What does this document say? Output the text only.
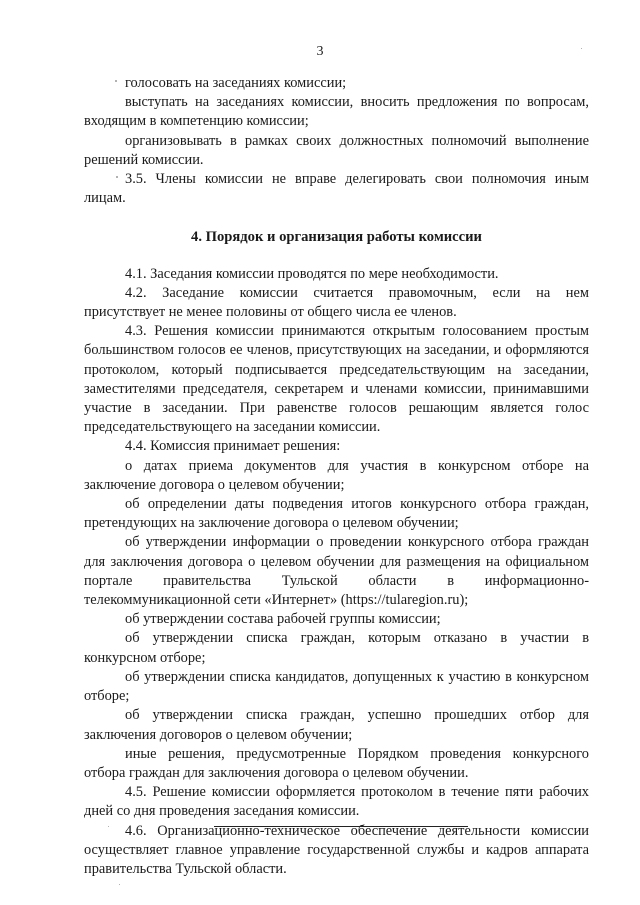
3

голосовать на заседаниях комиссии;

выступать на заседаниях комиссии, вносить предложения по вопросам, входящим в компетенцию комиссии;

организовывать в рамках своих должностных полномочий выполнение решений комиссии.

3.5. Члены комиссии не вправе делегировать свои полномочия иным лицам.

4. Порядок и организация работы комиссии

4.1. Заседания комиссии проводятся по мере необходимости.

4.2. Заседание комиссии считается правомочным, если на нем присутствует не менее половины от общего числа ее членов.

4.3. Решения комиссии принимаются открытым голосованием простым большинством голосов ее членов, присутствующих на заседании, и оформляются протоколом, который подписывается председательствующим на заседании, заместителями председателя, секретарем и членами комиссии, принимавшими участие в заседании. При равенстве голосов решающим является голос председательствующего на заседании комиссии.

4.4. Комиссия принимает решения:

о датах приема документов для участия в конкурсном отборе на заключение договора о целевом обучении;

об определении даты подведения итогов конкурсного отбора граждан, претендующих на заключение договора о целевом обучении;

об утверждении информации о проведении конкурсного отбора граждан для заключения договора о целевом обучении для размещения на официальном портале правительства Тульской области в информационно-телекоммуникационной сети «Интернет» (https://tularegion.ru);

об утверждении состава рабочей группы комиссии;

об утверждении списка граждан, которым отказано в участии в конкурсном отборе;

об утверждении списка кандидатов, допущенных к участию в конкурсном отборе;

об утверждении списка граждан, успешно прошедших отбор для заключения договоров о целевом обучении;

иные решения, предусмотренные Порядком проведения конкурсного отбора граждан для заключения договора о целевом обучении.

4.5. Решение комиссии оформляется протоколом в течение пяти рабочих дней со дня проведения заседания комиссии.

4.6. Организационно-техническое обеспечение деятельности комиссии осуществляет главное управление государственной службы и кадров аппарата правительства Тульской области.
